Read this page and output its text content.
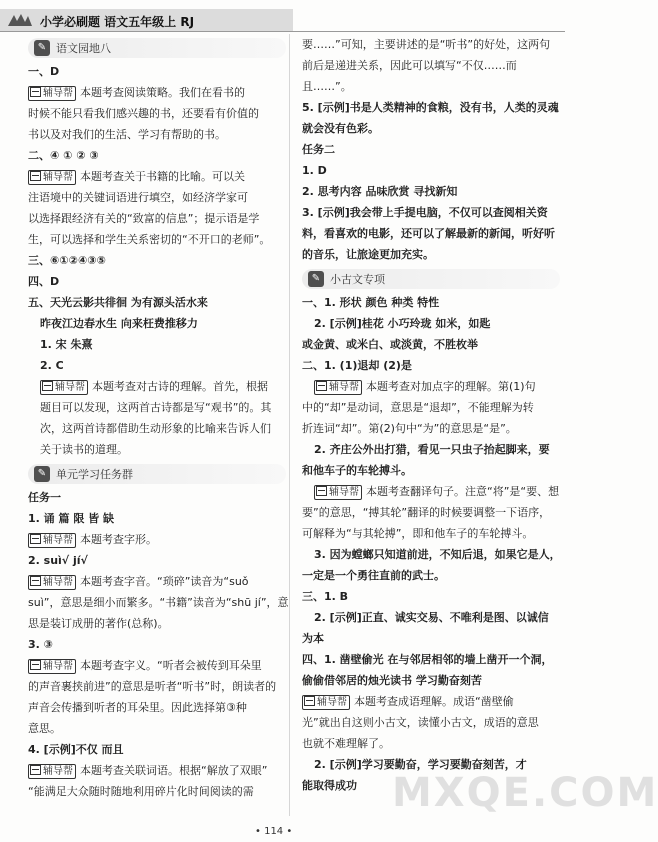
小学必刷题 语文五年级上 RJ
✎ 语文园地八
一、D
辅导帮 本题考查阅读策略。我们在看书的
时候不能只看我们感兴趣的书，还要看有价值的
书以及对我们的生活、学习有帮助的书。
二、④ ① ② ③
辅导帮 本题考查关于书籍的比喻。可以关
注语境中的关键词语进行填空，如经济学家可
以选择跟经济有关的“致富的信息”；提示语是学
生，可以选择和学生关系密切的“不开口的老师”。
三、⑥①②④③⑤
四、D
五、天光云影共徘徊 为有源头活水来
昨夜江边春水生 向来枉费推移力
1. 宋 朱熹
2. C
辅导帮 本题考查对古诗的理解。首先，根据
题目可以发现，这两首古诗都是写“观书”的。其
次，这两首诗都借助生动形象的比喻来告诉人们
关于读书的道理。
✎ 单元学习任务群
任务一
1. 诵 篇 限 皆 缺
辅导帮 本题考查字形。
2. suì√ jí√
辅导帮 本题考查字音。“琐碎”读音为“suǒ
suì”，意思是细小而繁多。“书籍”读音为“shū jí”，意
思是装订成册的著作(总称)。
3. ③
辅导帮 本题考查字义。“听者会被传到耳朵里
的声音裹挟前进”的意思是听者“听书”时，朗读者的
声音会传播到听者的耳朵里。因此选择第③种
意思。
4. [示例]不仅 而且
辅导帮 本题考查关联词语。根据“解放了双眼”
“能满足大众随时随地利用碎片化时间阅读的需
要……”可知，主要讲述的是“听书”的好处，这两句
前后是递进关系，因此可以填写“不仅……而
且……”。
5. [示例]书是人类精神的食粮，没有书，人类的灵魂
就会没有色彩。
任务二
1. D
2. 思考内容 品味欣赏 寻找新知
3. [示例]我会带上手提电脑，不仅可以查阅相关资
料，看喜欢的电影，还可以了解最新的新闻，听好听
的音乐，让旅途更加充实。
✎ 小古文专项
一、1. 形状 颜色 种类 特性
2. [示例]桂花 小巧玲珑 如米，如匙
或金黄、或米白、或淡黄，不胜枚举
二、1. (1)退却 (2)是
辅导帮 本题考查对加点字的理解。第(1)句
中的“却”是动词，意思是“退却”，不能理解为转
折连词“却”。第(2)句中“为”的意思是“是”。
2. 齐庄公外出打猎，看见一只虫子抬起脚来，要
和他车子的车轮搏斗。
辅导帮 本题考查翻译句子。注意“将”是“要、想
要”的意思，“搏其轮”翻译的时候要调整一下语序，
可解释为“与其轮搏”，即和他车子的车轮搏斗。
3. 因为螳螂只知道前进，不知后退，如果它是人，
一定是一个勇往直前的武士。
三、1. B
2. [示例]正直、诚实交易、不唯利是图、以诚信
为本
四、1. 凿壁偷光 在与邻居相邻的墙上凿开一个洞，
偷偷借邻居的烛光读书 学习勤奋刻苦
辅导帮 本题考查成语理解。成语“凿壁偷
光”就出自这则小古文，读懂小古文，成语的意思
也就不难理解了。
2. [示例]学习要勤奋，学习要勤奋刻苦，才
能取得成功 MXQE.COM
• 114 •
